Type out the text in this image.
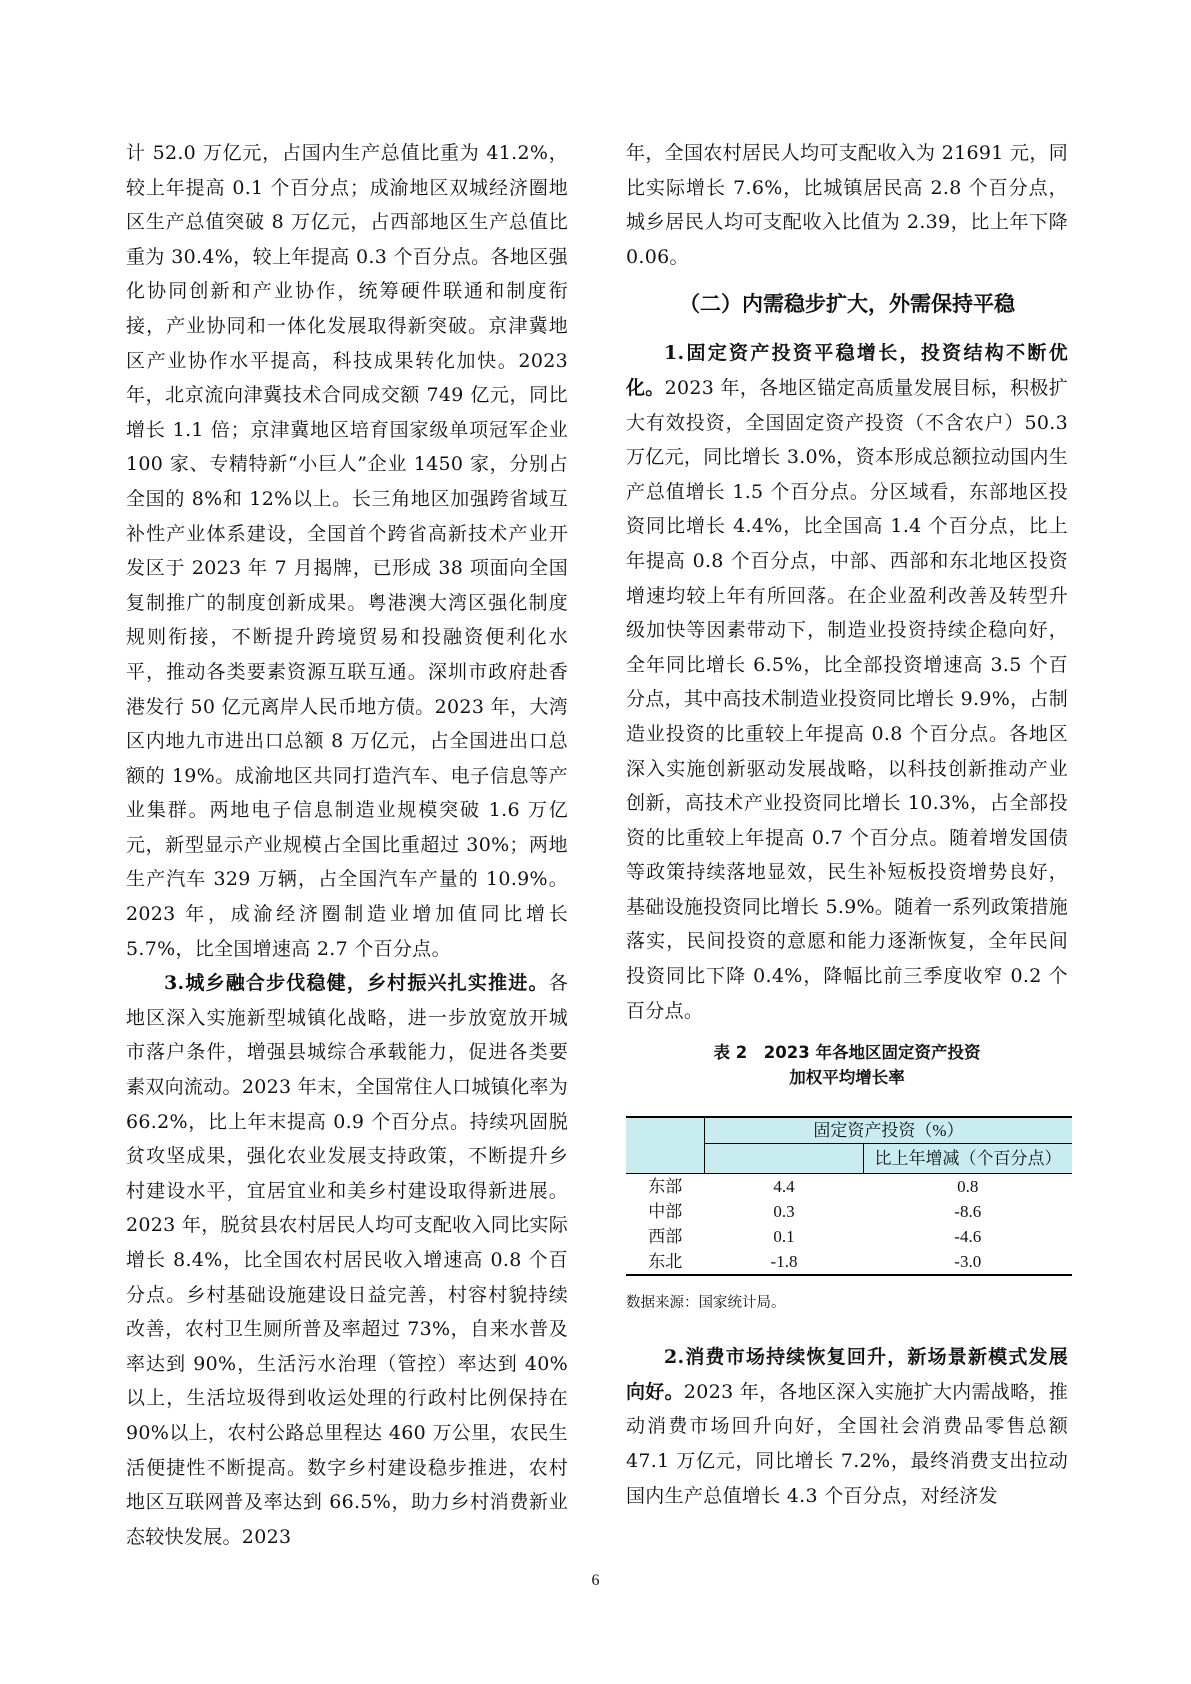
计 52.0 万亿元，占国内生产总值比重为 41.2%，较上年提高 0.1 个百分点；成渝地区双城经济圈地区生产总值突破 8 万亿元，占西部地区生产总值比重为 30.4%，较上年提高 0.3 个百分点。各地区强化协同创新和产业协作，统筹硬件联通和制度衔接，产业协同和一体化发展取得新突破。京津冀地区产业协作水平提高，科技成果转化加快。2023 年，北京流向津冀技术合同成交额 749 亿元，同比增长 1.1 倍；京津冀地区培育国家级单项冠军企业 100 家、专精特新“小巨人”企业 1450 家，分别占全国的 8%和 12%以上。长三角地区加强跨省域互补性产业体系建设，全国首个跨省高新技术产业开发区于 2023 年 7 月揭牌，已形成 38 项面向全国复制推广的制度创新成果。粤港澳大湾区强化制度规则衔接，不断提升跨境贸易和投融资便利化水平，推动各类要素资源互联互通。深圳市政府赴香港发行 50 亿元离岸人民币地方债。2023 年，大湾区内地九市进出口总额 8 万亿元，占全国进出口总额的 19%。成渝地区共同打造汽车、电子信息等产业集群。两地电子信息制造业规模突破 1.6 万亿元，新型显示产业规模占全国比重超过 30%；两地生产汽车 329 万辆，占全国汽车产量的 10.9%。2023 年，成渝经济圈制造业增加值同比增长 5.7%，比全国增速高 2.7 个百分点。

3.城乡融合步伐稳健，乡村振兴扎实推进。各地区深入实施新型城镇化战略，进一步放宽放开城市落户条件，增强县城综合承载能力，促进各类要素双向流动。2023 年末，全国常住人口城镇化率为 66.2%，比上年末提高 0.9 个百分点。持续巩固脱贫攻坚成果，强化农业发展支持政策，不断提升乡村建设水平，宜居宜业和美乡村建设取得新进展。2023 年，脱贫县农村居民人均可支配收入同比实际增长 8.4%，比全国农村居民收入增速高 0.8 个百分点。乡村基础设施建设日益完善，村容村貌持续改善，农村卫生厕所普及率超过 73%，自来水普及率达到 90%，生活污水治理（管控）率达到 40%以上，生活垃圾得到收运处理的行政村比例保持在 90%以上，农村公路总里程达 460 万公里，农民生活便捷性不断提高。数字乡村建设稳步推进，农村地区互联网普及率达到 66.5%，助力乡村消费新业态较快发展。2023

年，全国农村居民人均可支配收入为 21691 元，同比实际增长 7.6%，比城镇居民高 2.8 个百分点，城乡居民人均可支配收入比值为 2.39，比上年下降 0.06。

（二）内需稳步扩大，外需保持平稳

1.固定资产投资平稳增长，投资结构不断优化。2023 年，各地区锚定高质量发展目标，积极扩大有效投资，全国固定资产投资（不含农户）50.3 万亿元，同比增长 3.0%，资本形成总额拉动国内生产总值增长 1.5 个百分点。分区域看，东部地区投资同比增长 4.4%，比全国高 1.4 个百分点，比上年提高 0.8 个百分点，中部、西部和东北地区投资增速均较上年有所回落。在企业盈利改善及转型升级加快等因素带动下，制造业投资持续企稳向好，全年同比增长 6.5%，比全部投资增速高 3.5 个百分点，其中高技术制造业投资同比增长 9.9%，占制造业投资的比重较上年提高 0.8 个百分点。各地区深入实施创新驱动发展战略，以科技创新推动产业创新，高技术产业投资同比增长 10.3%，占全部投资的比重较上年提高 0.7 个百分点。随着增发国债等政策持续落地显效，民生补短板投资增势良好，基础设施投资同比增长 5.9%。随着一系列政策措施落实，民间投资的意愿和能力逐渐恢复，全年民间投资同比下降 0.4%，降幅比前三季度收窄 0.2 个百分点。

表 2　2023 年各地区固定资产投资
加权平均增长率
	固定资产投资（%）	
		比上年增减（个百分点）
东部	4.4	0.8
中部	0.3	-8.6
西部	0.1	-4.6
东北	-1.8	-3.0
数据来源：国家统计局。

2.消费市场持续恢复回升，新场景新模式发展向好。2023 年，各地区深入实施扩大内需战略，推动消费市场回升向好，全国社会消费品零售总额 47.1 万亿元，同比增长 7.2%，最终消费支出拉动国内生产总值增长 4.3 个百分点，对经济发

6
